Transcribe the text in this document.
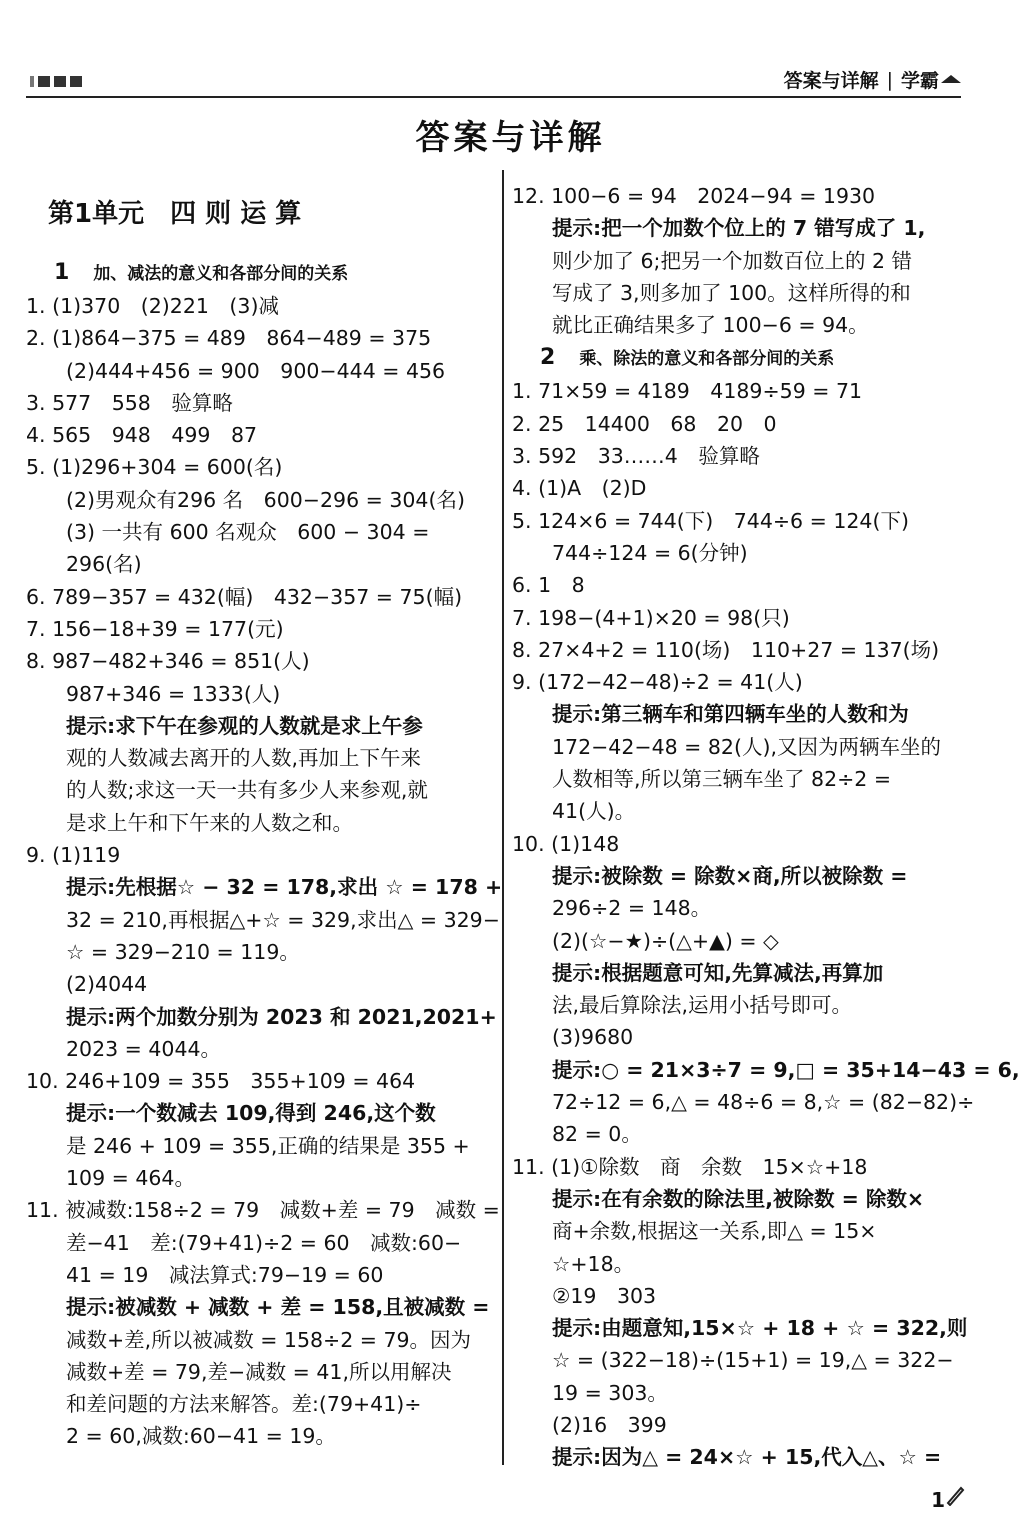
答案与详解 | 学霸
答案与详解
第1单元　四 则 运 算
1 加、减法的意义和各部分间的关系
1. (1)370　(2)221　(3)减
2. (1)864−375 = 489　864−489 = 375
(2)444+456 = 900　900−444 = 456
3. 577　558　验算略
4. 565　948　499　87
5. (1)296+304 = 600(名)
(2)男观众有296 名　600−296 = 304(名)
(3) 一共有 600 名观众　600 − 304 =
296(名)
6. 789−357 = 432(幅)　432−357 = 75(幅)
7. 156−18+39 = 177(元)
8. 987−482+346 = 851(人)
987+346 = 1333(人)
提示:求下午在参观的人数就是求上午参
观的人数减去离开的人数,再加上下午来
的人数;求这一天一共有多少人来参观,就
是求上午和下午来的人数之和。
9. (1)119
提示:先根据☆ − 32 = 178,求出 ☆ = 178 +
32 = 210,再根据△+☆ = 329,求出△ = 329−
☆ = 329−210 = 119。
(2)4044
提示:两个加数分别为 2023 和 2021,2021+
2023 = 4044。
10. 246+109 = 355　355+109 = 464
提示:一个数减去 109,得到 246,这个数
是 246 + 109 = 355,正确的结果是 355 +
109 = 464。
11. 被减数:158÷2 = 79　减数+差 = 79　减数 =
差−41　差:(79+41)÷2 = 60　减数:60−
41 = 19　减法算式:79−19 = 60
提示:被减数 + 减数 + 差 = 158,且被减数 =
减数+差,所以被减数 = 158÷2 = 79。因为
减数+差 = 79,差−减数 = 41,所以用解决
和差问题的方法来解答。差:(79+41)÷
2 = 60,减数:60−41 = 19。
12. 100−6 = 94　2024−94 = 1930
提示:把一个加数个位上的 7 错写成了 1,
则少加了 6;把另一个加数百位上的 2 错
写成了 3,则多加了 100。这样所得的和
就比正确结果多了 100−6 = 94。
2 乘、除法的意义和各部分间的关系
1. 71×59 = 4189　4189÷59 = 71
2. 25　14400　68　20　0
3. 592　33……4　验算略
4. (1)A　(2)D
5. 124×6 = 744(下)　744÷6 = 124(下)
744÷124 = 6(分钟)
6. 1　8
7. 198−(4+1)×20 = 98(只)
8. 27×4+2 = 110(场)　110+27 = 137(场)
9. (172−42−48)÷2 = 41(人)
提示:第三辆车和第四辆车坐的人数和为
172−42−48 = 82(人),又因为两辆车坐的
人数相等,所以第三辆车坐了 82÷2 =
41(人)。
10. (1)148
提示:被除数 = 除数×商,所以被除数 =
296÷2 = 148。
(2)(☆−★)÷(△+▲) = ◇
提示:根据题意可知,先算减法,再算加
法,最后算除法,运用小括号即可。
(3)9680
提示:○ = 21×3÷7 = 9,□ = 35+14−43 = 6,
72÷12 = 6,△ = 48÷6 = 8,☆ = (82−82)÷
82 = 0。
11. (1)①除数　商　余数　15×☆+18
提示:在有余数的除法里,被除数 = 除数×
商+余数,根据这一关系,即△ = 15×
☆+18。
②19　303
提示:由题意知,15×☆ + 18 + ☆ = 322,则
☆ = (322−18)÷(15+1) = 19,△ = 322−
19 = 303。
(2)16　399
提示:因为△ = 24×☆ + 15,代入△、☆ =
1
